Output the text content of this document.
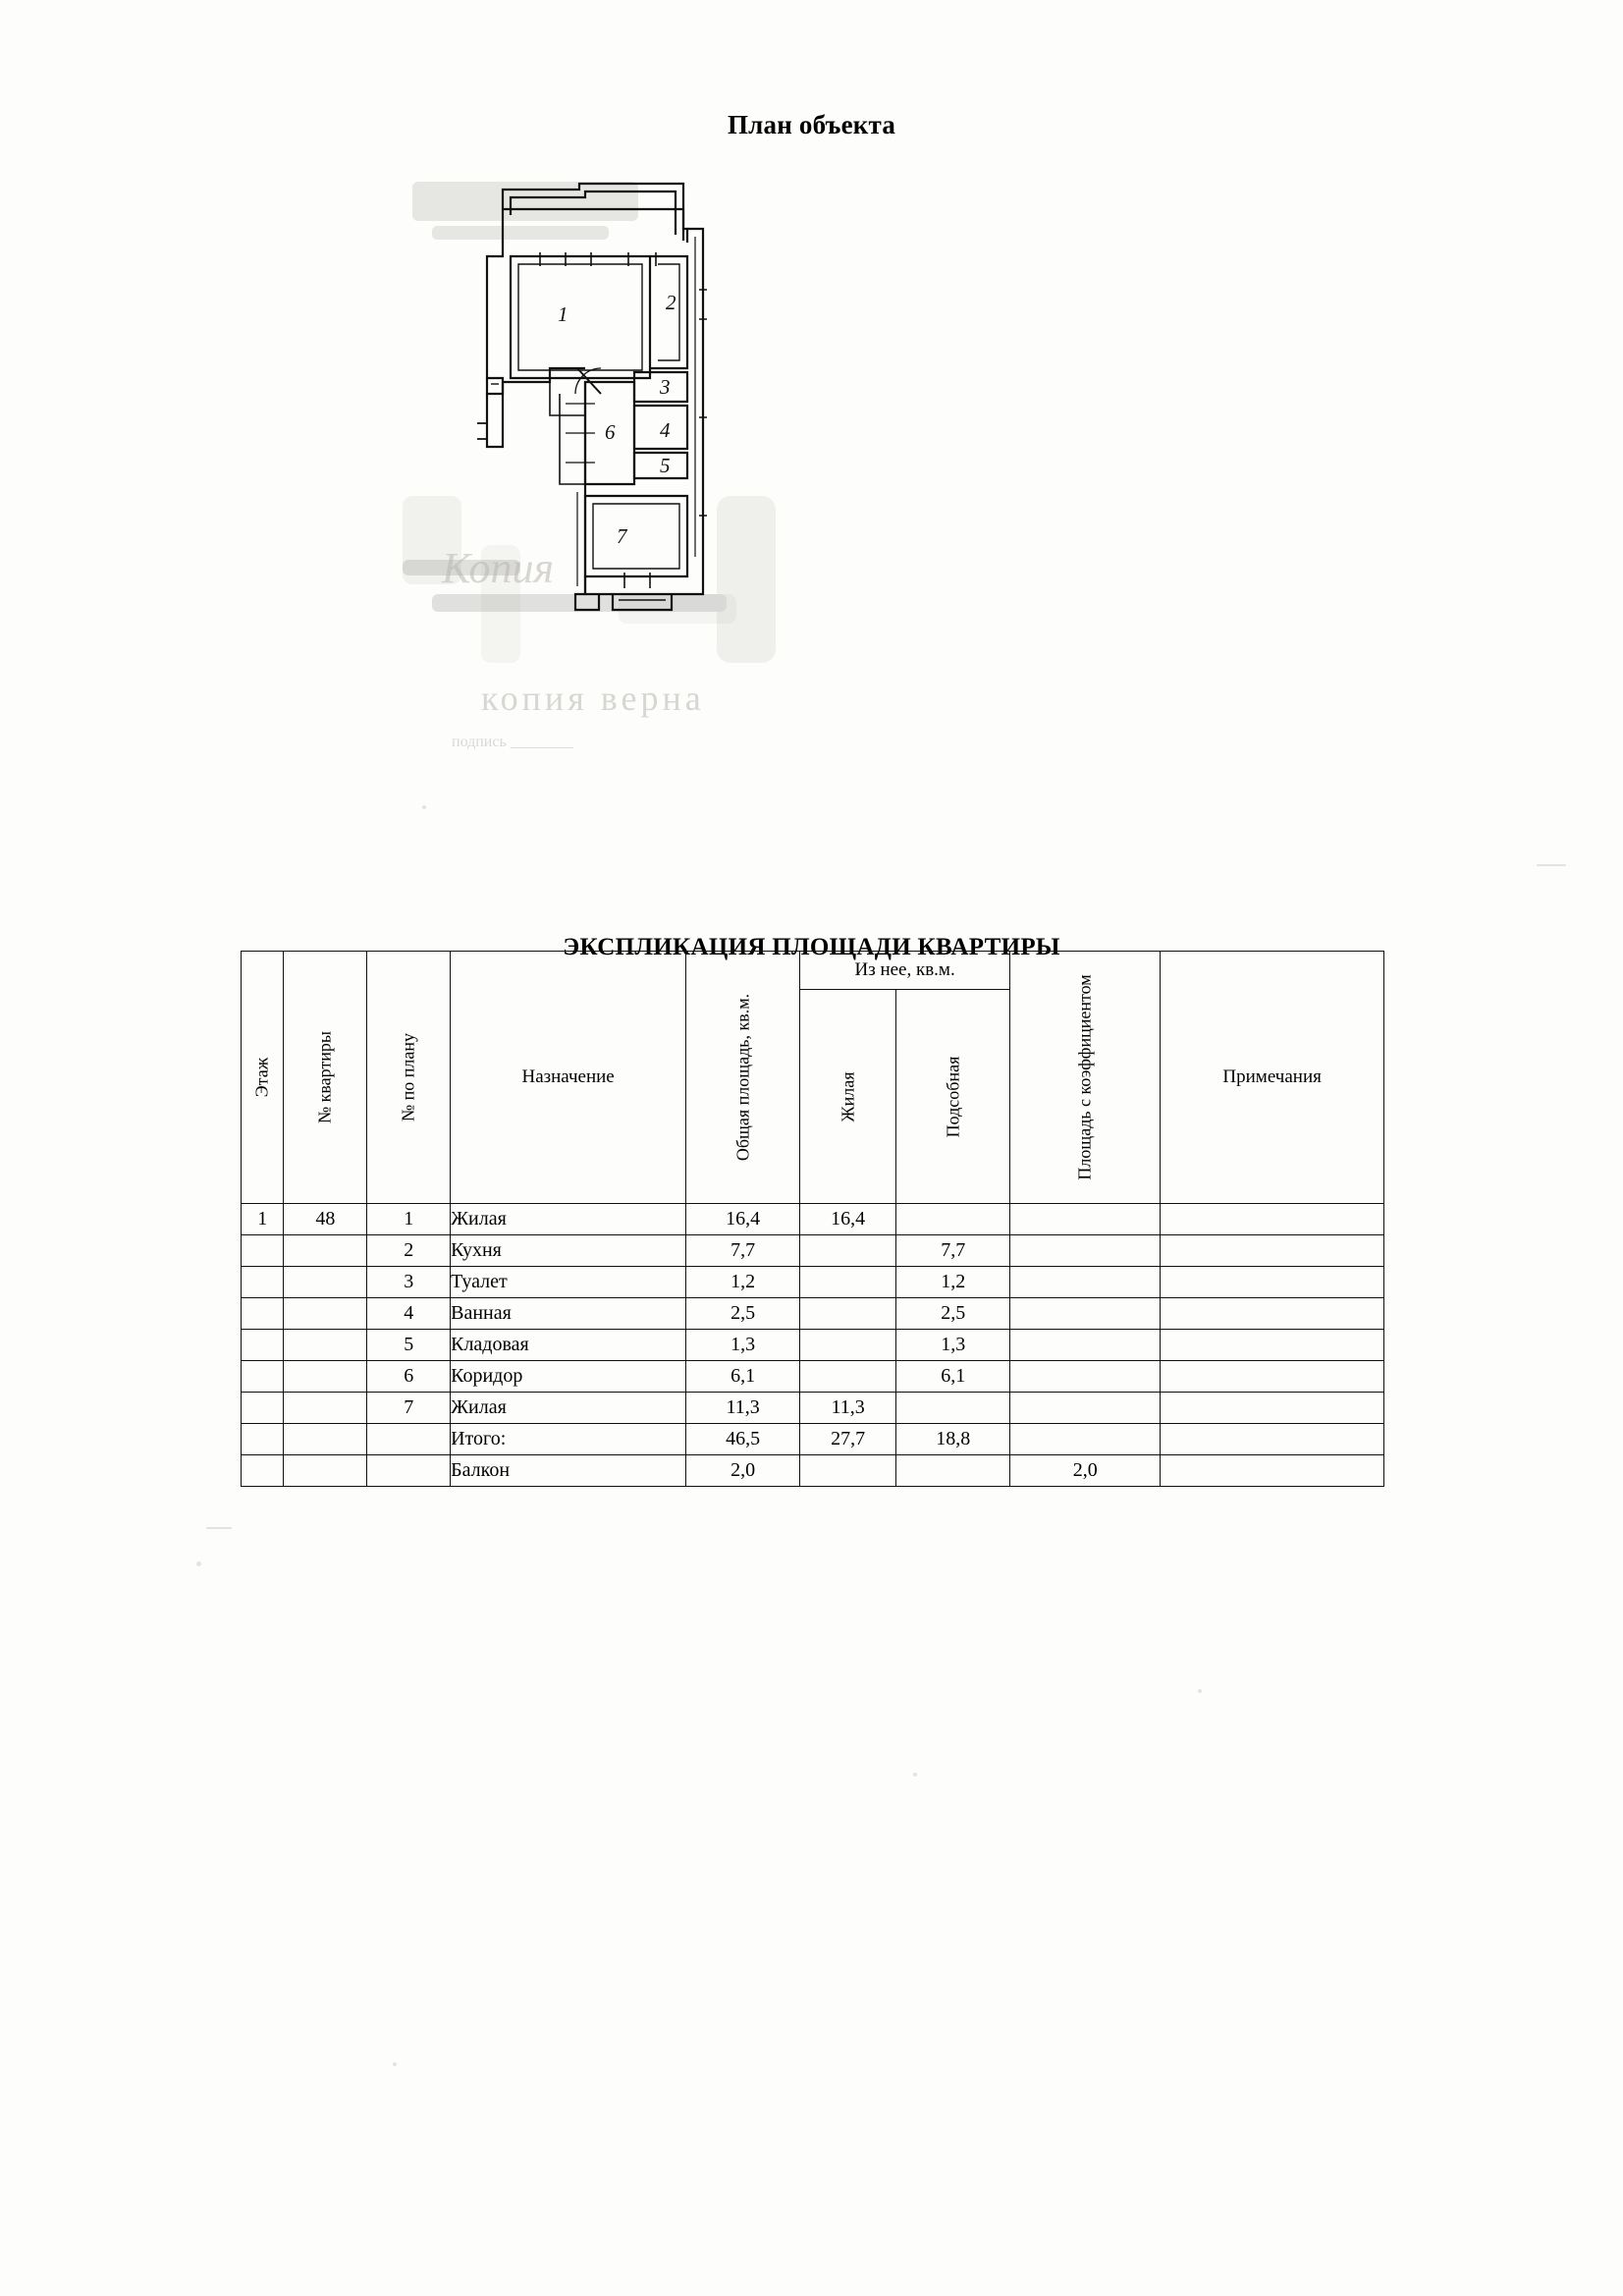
План объекта
Копия
копия верна
подпись ________
1	2
3
4
5
6
7
ЭКСПЛИКАЦИЯ ПЛОЩАДИ КВАРТИРЫ
Этаж	№ квартиры	№ по плану	Назначение	Общая площадь, кв.м.	Из нее, кв.м.		Площадь с коэффициентом	Примечания

					Жилая	Подсобная		

1	48	1	Жилая	16,4	16,4			
		2	Кухня	7,7		7,7		
		3	Туалет	1,2		1,2		
		4	Ванная	2,5		2,5		
		5	Кладовая	1,3		1,3		
		6	Коридор	6,1		6,1		
		7	Жилая	11,3	11,3			
			Итого:	46,5	27,7	18,8		
			Балкон	2,0			2,0	
